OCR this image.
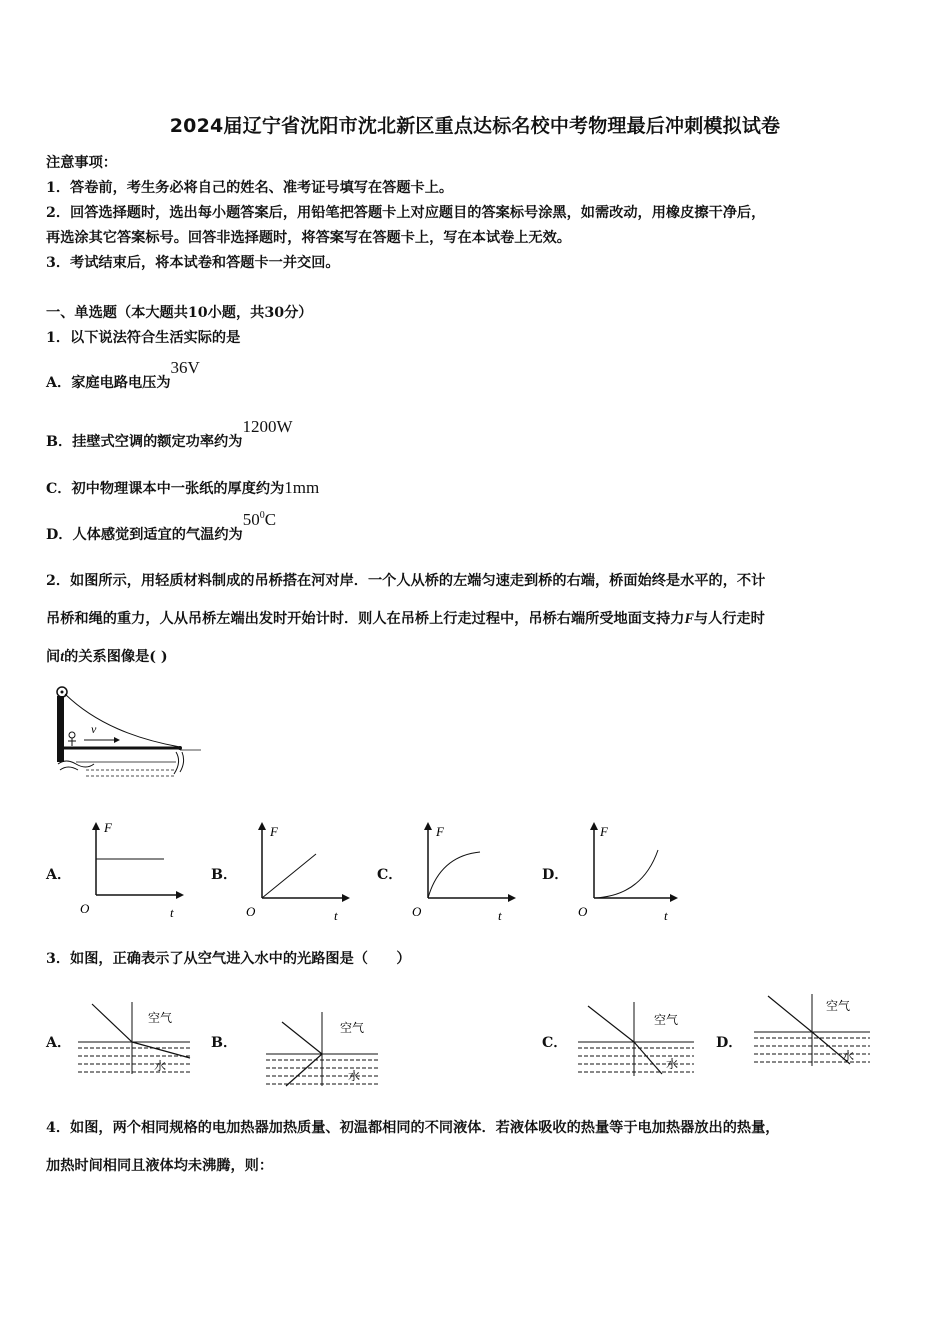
2024届辽宁省沈阳市沈北新区重点达标名校中考物理最后冲刺模拟试卷
注意事项：
1．答卷前，考生务必将自己的姓名、准考证号填写在答题卡上。
2．回答选择题时，选出每小题答案后，用铅笔把答题卡上对应题目的答案标号涂黑，如需改动，用橡皮擦干净后，
再选涂其它答案标号。回答非选择题时，将答案写在答题卡上，写在本试卷上无效。
3．考试结束后，将本试卷和答题卡一并交回。
一、单选题（本大题共10小题，共30分）
1．以下说法符合生活实际的是
A．家庭电路电压为36V
B．挂壁式空调的额定功率约为1200W
C．初中物理课本中一张纸的厚度约为1mm
D．人体感觉到适宜的气温约为$50^0C$
2．如图所示，用轻质材料制成的吊桥搭在河对岸．一个人从桥的左端匀速走到桥的右端，桥面始终是水平的，不计
吊桥和绳的重力，人从吊桥左端出发时开始计时．则人在吊桥上行走过程中，吊桥右端所受地面支持力F与人行走时
间t的关系图像是( )
v
A．
F
t
O
B．
F
t
O
C．
F
t
O
D．
F
t
O
3．如图，正确表示了从空气进入水中的光路图是（　　）
A．
空气
水
B．
空气
水
C．
空气
水
D．
空气
水
4．如图，两个相同规格的电加热器加热质量、初温都相同的不同液体．若液体吸收的热量等于电加热器放出的热量，
加热时间相同且液体均未沸腾，则：
